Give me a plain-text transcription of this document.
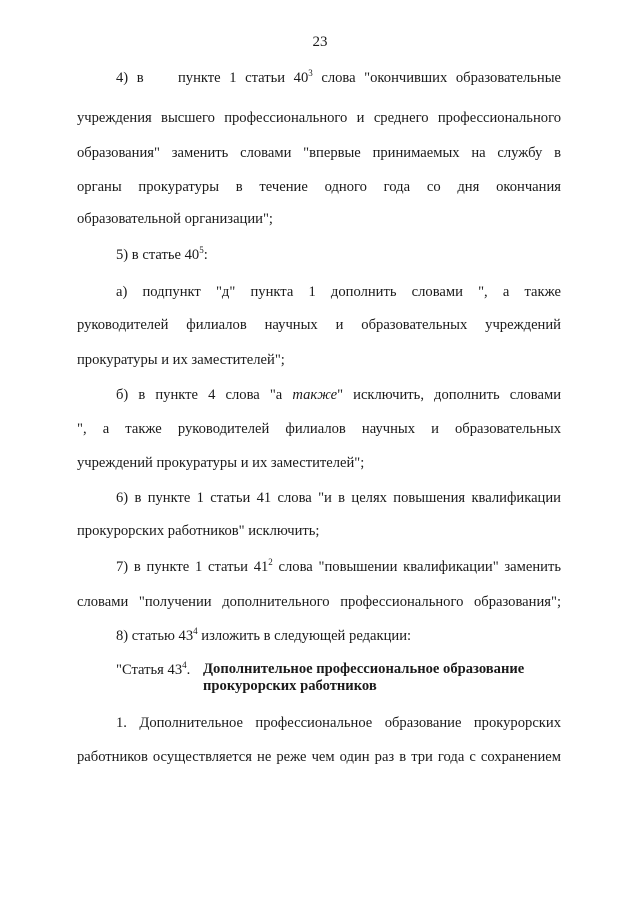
23
4) в пункте 1 статьи $40^3$ слова "окончивших образовательные
учреждения высшего профессионального и среднего профессионального
образования" заменить словами "впервые принимаемых на службу в
органы прокуратуры в течение одного года со дня окончания
образовательной организации";
5) в статье $40^5$:
а) подпункт "д" пункта 1 дополнить словами ", а также
руководителей филиалов научных и образовательных учреждений
прокуратуры и их заместителей";
б) в пункте 4 слова "а также" исключить, дополнить словами
", а также руководителей филиалов научных и образовательных
учреждений прокуратуры и их заместителей";
6) в пункте 1 статьи 41 слова "и в целях повышения квалификации
прокурорских работников" исключить;
7) в пункте 1 статьи $41^2$ слова "повышении квалификации" заменить
словами "получении дополнительного профессионального образования";
8) статью $43^4$ изложить в следующей редакции:
"Статья $43^4$. Дополнительное профессиональное образование
прокурорских работников
1. Дополнительное профессиональное образование прокурорских
работников осуществляется не реже чем один раз в три года с сохранением
